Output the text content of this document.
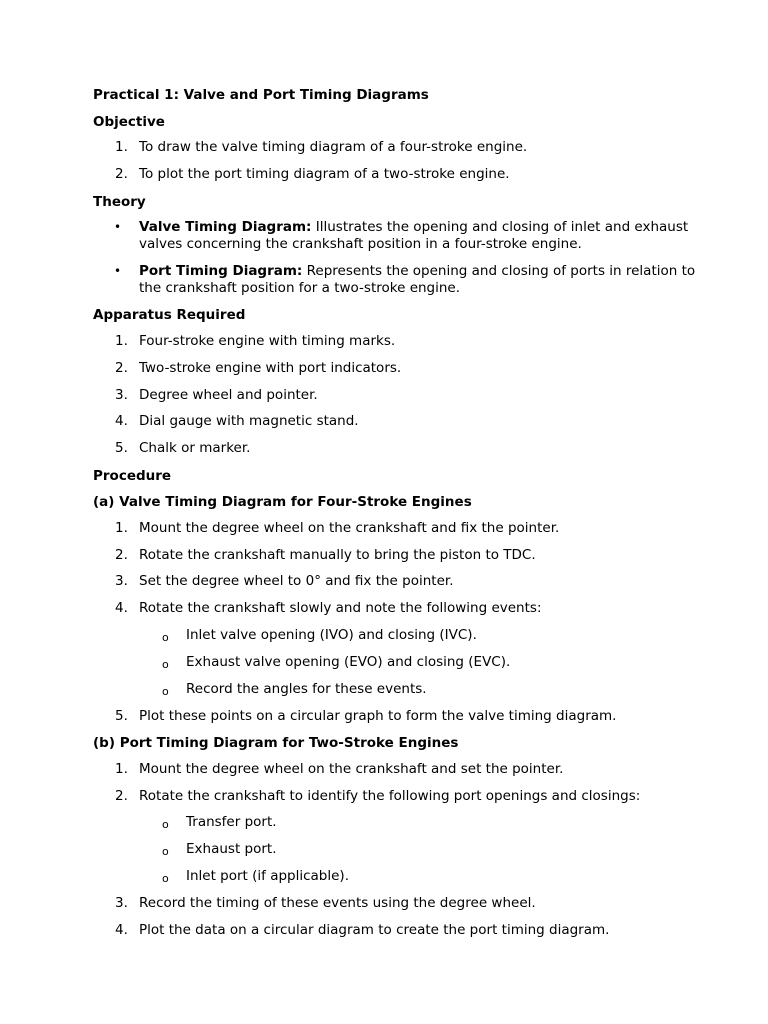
Practical 1: Valve and Port Timing Diagrams
Objective
1. To draw the valve timing diagram of a four-stroke engine.
2. To plot the port timing diagram of a two-stroke engine.
Theory
• Valve Timing Diagram: Illustrates the opening and closing of inlet and exhaust valves concerning the crankshaft position in a four-stroke engine.
• Port Timing Diagram: Represents the opening and closing of ports in relation to the crankshaft position for a two-stroke engine.
Apparatus Required
1. Four-stroke engine with timing marks.
2. Two-stroke engine with port indicators.
3. Degree wheel and pointer.
4. Dial gauge with magnetic stand.
5. Chalk or marker.
Procedure
(a) Valve Timing Diagram for Four-Stroke Engines
1. Mount the degree wheel on the crankshaft and fix the pointer.
2. Rotate the crankshaft manually to bring the piston to TDC.
3. Set the degree wheel to 0° and fix the pointer.
4. Rotate the crankshaft slowly and note the following events:
o Inlet valve opening (IVO) and closing (IVC).
o Exhaust valve opening (EVO) and closing (EVC).
o Record the angles for these events.
5. Plot these points on a circular graph to form the valve timing diagram.
(b) Port Timing Diagram for Two-Stroke Engines
1. Mount the degree wheel on the crankshaft and set the pointer.
2. Rotate the crankshaft to identify the following port openings and closings:
o Transfer port.
o Exhaust port.
o Inlet port (if applicable).
3. Record the timing of these events using the degree wheel.
4. Plot the data on a circular diagram to create the port timing diagram.
